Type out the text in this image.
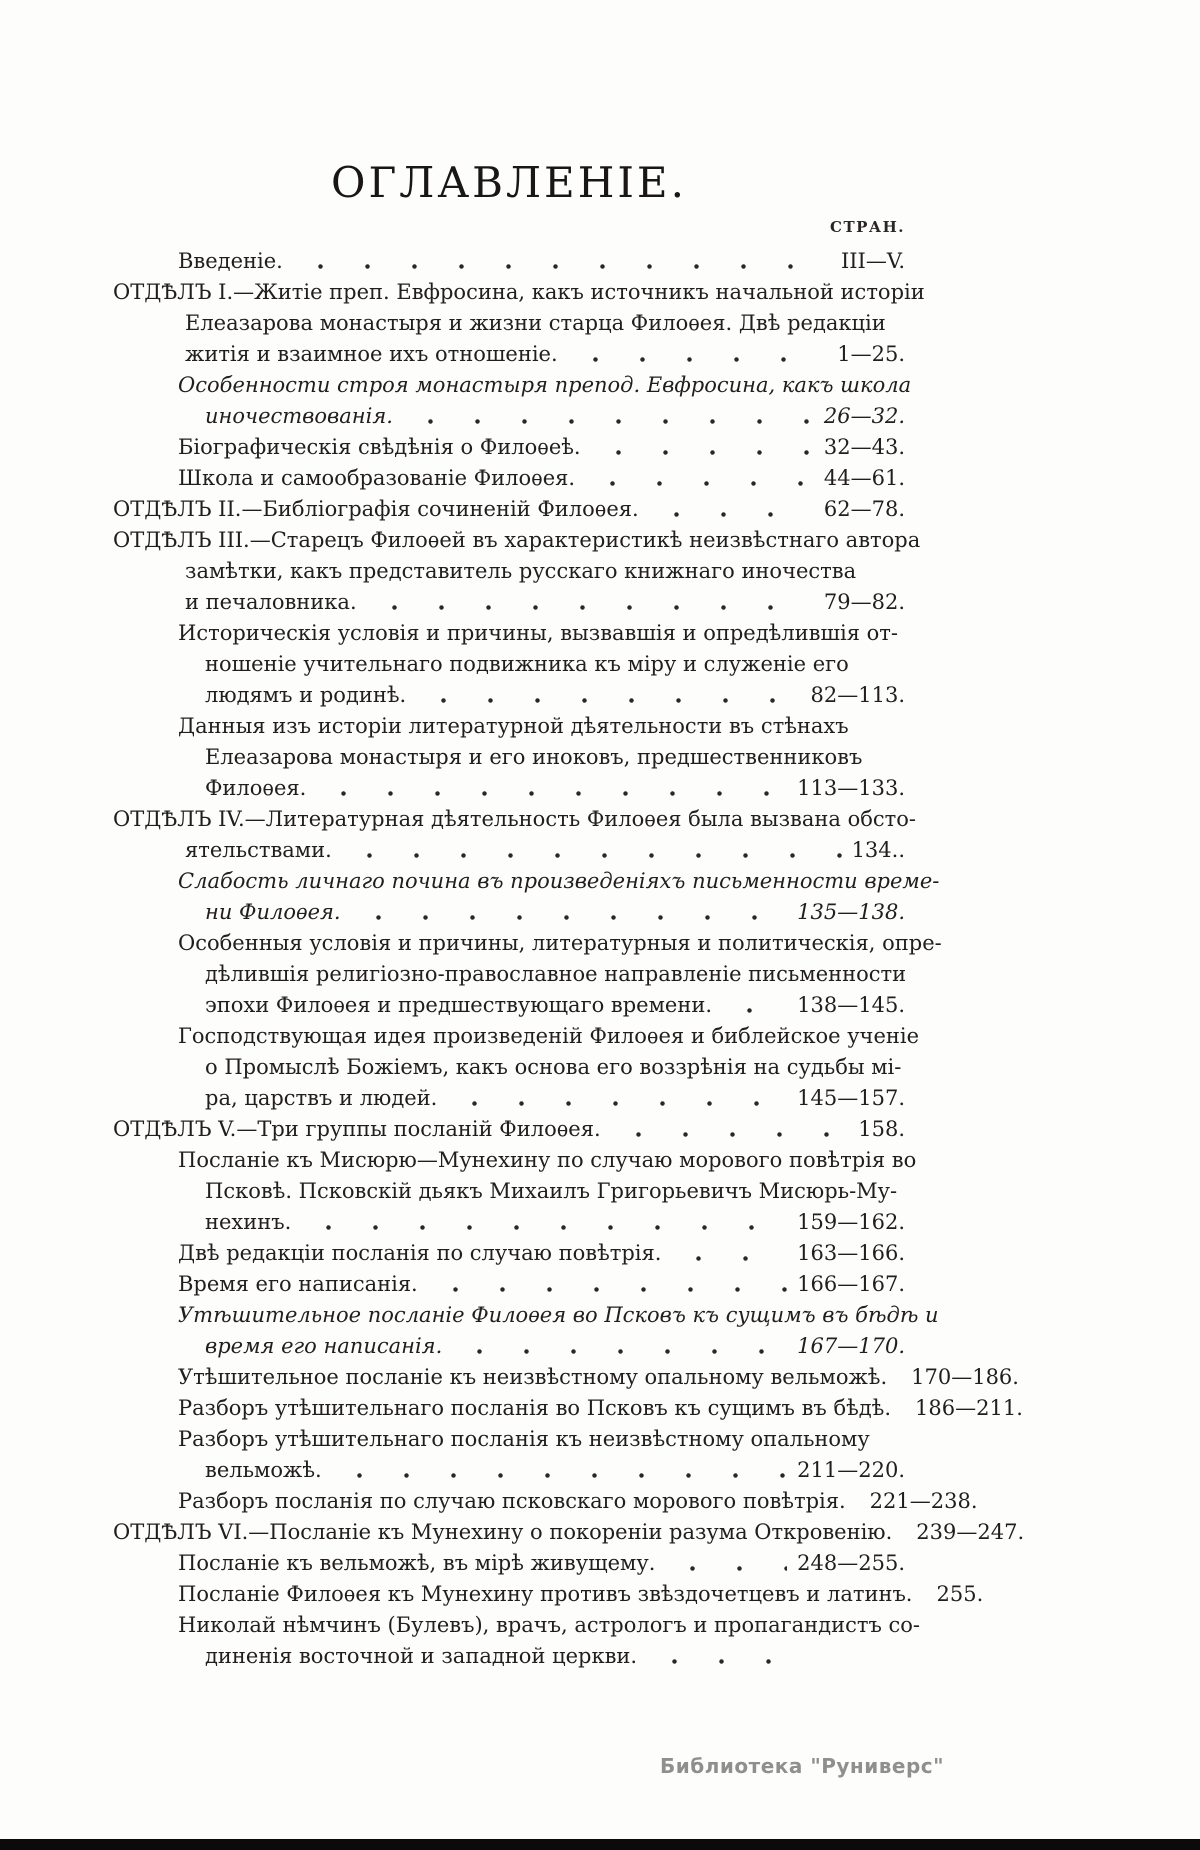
ОГЛАВЛЕНІЕ.
СТРАН.
Введеніе.	III—V.
ОТДѢЛЪ I.—Житіе преп. Евфросина, какъ источникъ начальной исторіи
Елеазарова монастыря и жизни старца Филоѳея. Двѣ редакціи
житія и взаимное ихъ отношеніе.	1—25.
Особенности строя монастыря препод. Евфросина, какъ школа
иночествованія.	26—32.
Біографическія свѣдѣнія о Филоѳеѣ.	32—43.
Школа и самообразованіе Филоѳея.	44—61.
ОТДѢЛЪ II.—Библіографія сочиненій Филоѳея.	62—78.
ОТДѢЛЪ III.—Старецъ Филоѳей въ характеристикѣ неизвѣстнаго автора
замѣтки, какъ представитель русскаго книжнаго иночества
и печаловника.	79—82.
Историческія условія и причины, вызвавшія и опредѣлившія от-
ношеніе учительнаго подвижника къ міру и служеніе его
людямъ и родинѣ.	82—113.
Данныя изъ исторіи литературной дѣятельности въ стѣнахъ
Елеазарова монастыря и его иноковъ, предшественниковъ
Филоѳея.	113—133.
ОТДѢЛЪ IV.—Литературная дѣятельность Филоѳея была вызвана обсто-
ятельствами.	134..
Слабость личнаго почина въ произведеніяхъ письменности време-
ни Филоѳея.	135—138.
Особенныя условія и причины, литературныя и политическія, опре-
дѣлившія религіозно-православное направленіе письменности
эпохи Филоѳея и предшествующаго времени.	138—145.
Господствующая идея произведеній Филоѳея и библейское ученіе
о Промыслѣ Божіемъ, какъ основа его воззрѣнія на судьбы мі-
ра, царствъ и людей.	145—157.
ОТДѢЛЪ V.—Три группы посланій Филоѳея.	158.
Посланіе къ Мисюрю—Мунехину по случаю морового повѣтрія во
Псковѣ. Псковскій дьякъ Михаилъ Григорьевичъ Мисюрь-Му-
нехинъ.	159—162.
Двѣ редакціи посланія по случаю повѣтрія.	163—166.
Время его написанія.	166—167.
Утѣшительное посланіе Филоѳея во Псковъ къ сущимъ въ бѣдѣ и
время его написанія.	167—170.
Утѣшительное посланіе къ неизвѣстному опальному вельможѣ. 170—186.
Разборъ утѣшительнаго посланія во Псковъ къ сущимъ въ бѣдѣ. 186—211.
Разборъ утѣшительнаго посланія къ неизвѣстному опальному
вельможѣ.	211—220.
Разборъ посланія по случаю псковскаго морового повѣтрія. 221—238.
ОТДѢЛЪ VI.—Посланіе къ Мунехину о покореніи разума Откровенію. 239—247.
Посланіе къ вельможѣ, въ мірѣ живущему.	248—255.
Посланіе Филоѳея къ Мунехину противъ звѣздочетцевъ и латинъ. 255.
Николай нѣмчинъ (Булевъ), врачъ, астрологъ и пропагандистъ со-
диненія восточной и западной церкви.
Библиотека "Руниверс"
